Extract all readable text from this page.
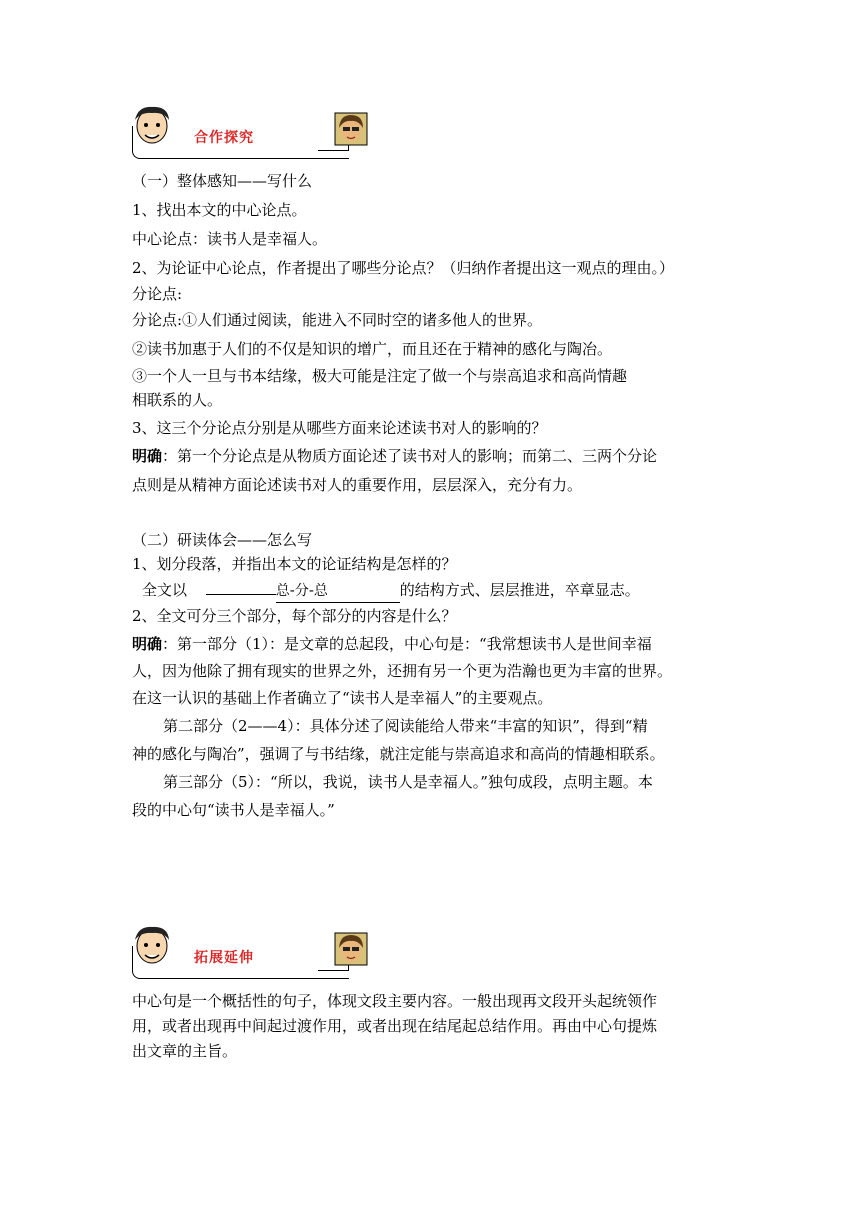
合作探究
（一）整体感知——写什么
1、找出本文的中心论点。
中心论点：读书人是幸福人。
2、为论证中心论点，作者提出了哪些分论点？（归纳作者提出这一观点的理由。）
分论点:
分论点:①人们通过阅读，能进入不同时空的诸多他人的世界。
②读书加惠于人们的不仅是知识的增广，而且还在于精神的感化与陶冶。
③一个人一旦与书本结缘，极大可能是注定了做一个与崇高追求和高尚情趣
相联系的人。
3、这三个分论点分别是从哪些方面来论述读书对人的影响的？
明确：第一个分论点是从物质方面论述了读书对人的影响；而第二、三两个分论
点则是从精神方面论述读书对人的重要作用，层层深入，充分有力。
（二）研读体会——怎么写
1、划分段落，并指出本文的论证结构是怎样的？
全文以	总-分-总	的结构方式、层层推进，卒章显志。
2、全文可分三个部分，每个部分的内容是什么？
明确：第一部分（1）：是文章的总起段，中心句是：“我常想读书人是世间幸福
人，因为他除了拥有现实的世界之外，还拥有另一个更为浩瀚也更为丰富的世界。
在这一认识的基础上作者确立了“读书人是幸福人”的主要观点。
第二部分（2——4）：具体分述了阅读能给人带来“丰富的知识”，得到“精
神的感化与陶冶”，强调了与书结缘，就注定能与崇高追求和高尚的情趣相联系。
第三部分（5）：“所以，我说，读书人是幸福人。”独句成段，点明主题。本
段的中心句“读书人是幸福人。”
拓展延伸
中心句是一个概括性的句子，体现文段主要内容。一般出现再文段开头起统领作
用，或者出现再中间起过渡作用，或者出现在结尾起总结作用。再由中心句提炼
出文章的主旨。
